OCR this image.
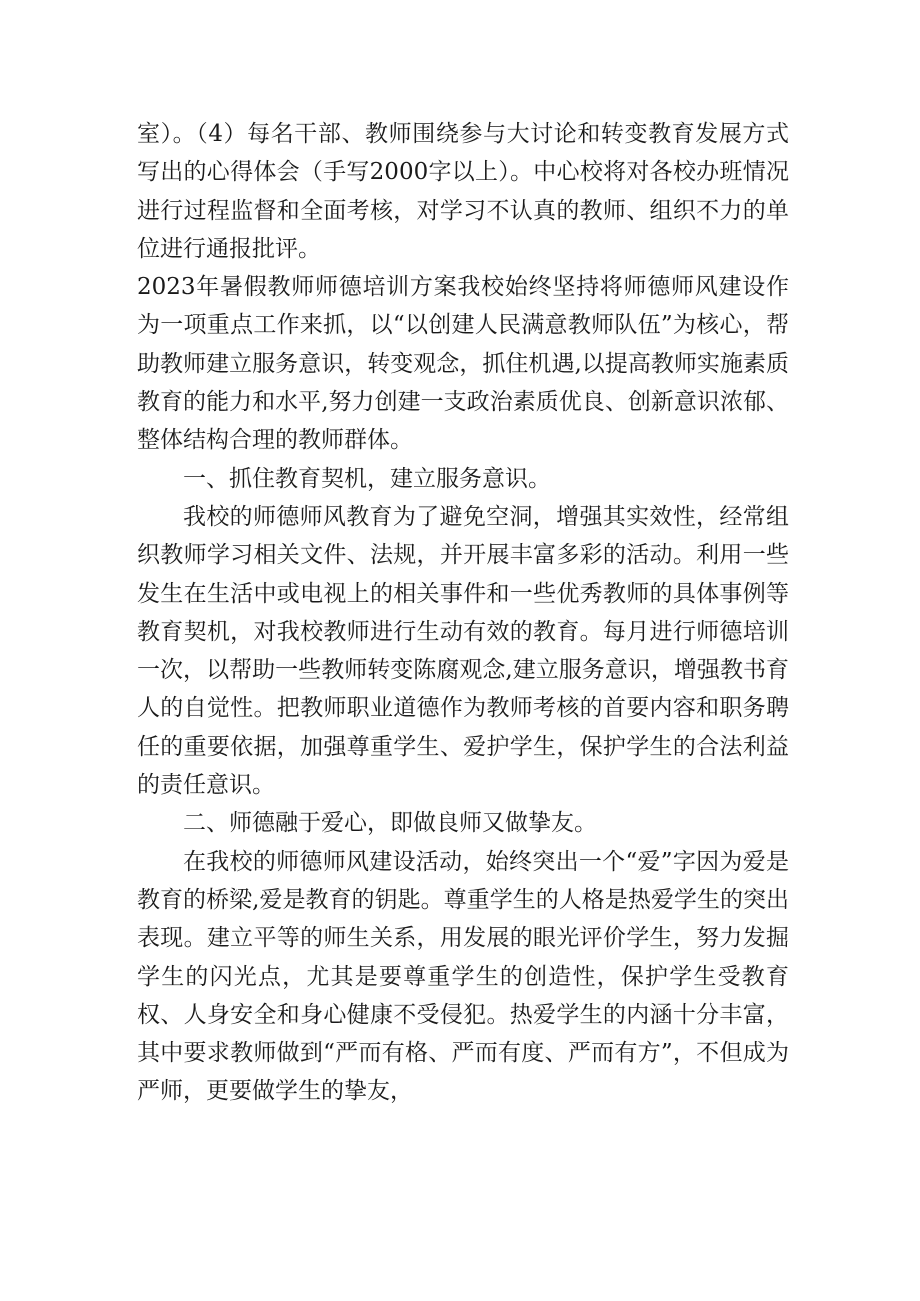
室）。（4）每名干部、教师围绕参与大讨论和转变教育发展方式写出的心得体会（手写2000字以上）。中心校将对各校办班情况进行过程监督和全面考核，对学习不认真的教师、组织不力的单位进行通报批评。

2023年暑假教师师德培训方案我校始终坚持将师德师风建设作为一项重点工作来抓，以“以创建人民满意教师队伍”为核心，帮助教师建立服务意识，转变观念，抓住机遇,以提高教师实施素质教育的能力和水平,努力创建一支政治素质优良、创新意识浓郁、整体结构合理的教师群体。

一、抓住教育契机，建立服务意识。

我校的师德师风教育为了避免空洞，增强其实效性，经常组织教师学习相关文件、法规，并开展丰富多彩的活动。利用一些发生在生活中或电视上的相关事件和一些优秀教师的具体事例等教育契机，对我校教师进行生动有效的教育。每月进行师德培训一次，以帮助一些教师转变陈腐观念,建立服务意识，增强教书育人的自觉性。把教师职业道德作为教师考核的首要内容和职务聘任的重要依据，加强尊重学生、爱护学生，保护学生的合法利益的责任意识。

二、师德融于爱心，即做良师又做挚友。

在我校的师德师风建设活动，始终突出一个“爱”字因为爱是教育的桥梁,爱是教育的钥匙。尊重学生的人格是热爱学生的突出表现。建立平等的师生关系，用发展的眼光评价学生，努力发掘学生的闪光点，尤其是要尊重学生的创造性，保护学生受教育权、人身安全和身心健康不受侵犯。热爱学生的内涵十分丰富，其中要求教师做到“严而有格、严而有度、严而有方”，不但成为严师，更要做学生的挚友，
